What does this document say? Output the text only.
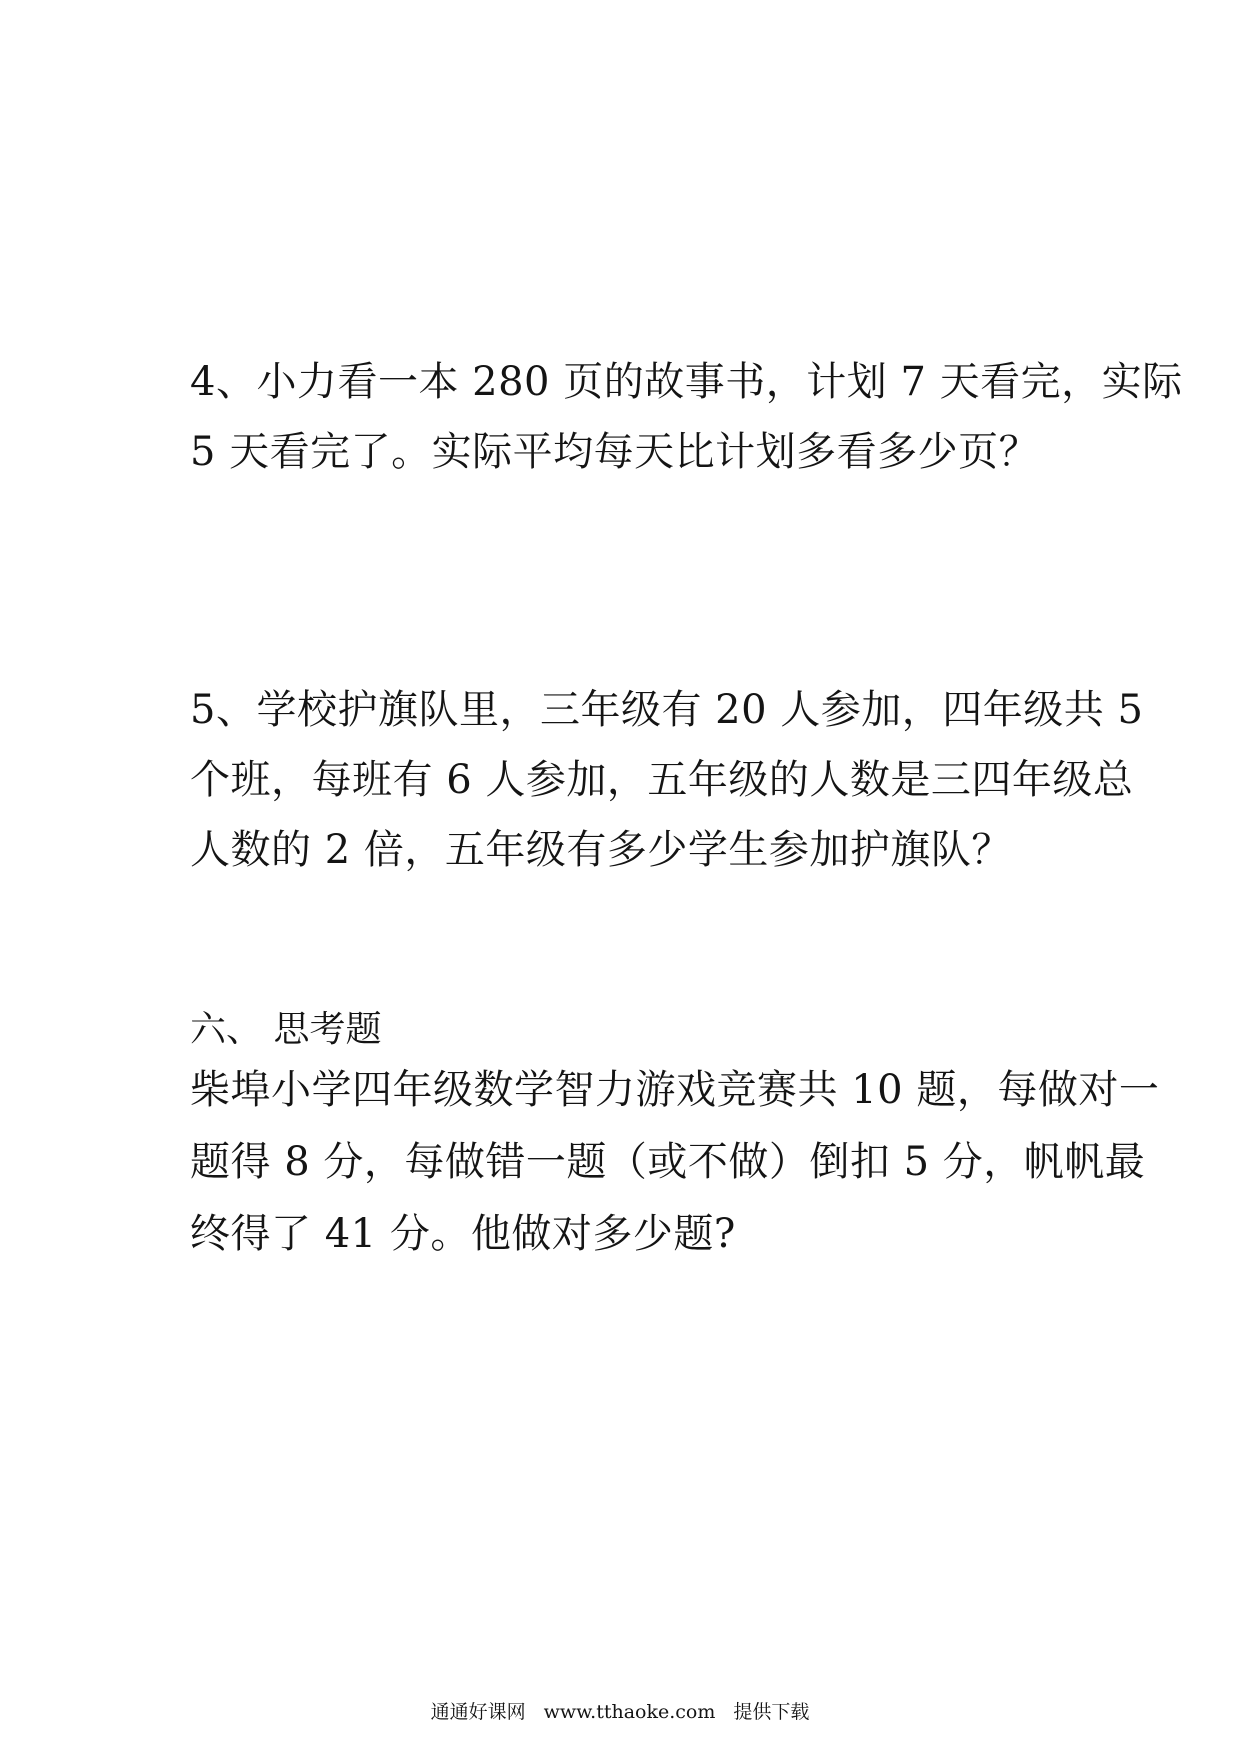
4、小力看一本 280 页的故事书，计划 7 天看完，实际
5 天看完了。实际平均每天比计划多看多少页？
5、学校护旗队里，三年级有 20 人参加，四年级共 5
个班，每班有 6 人参加，五年级的人数是三四年级总
人数的 2 倍，五年级有多少学生参加护旗队？
六、 思考题
柴埠小学四年级数学智力游戏竞赛共 10 题，每做对一
题得 8 分，每做错一题（或不做）倒扣 5 分，帆帆最
终得了 41 分。他做对多少题?
通通好课网 www.tthaoke.com 提供下载
